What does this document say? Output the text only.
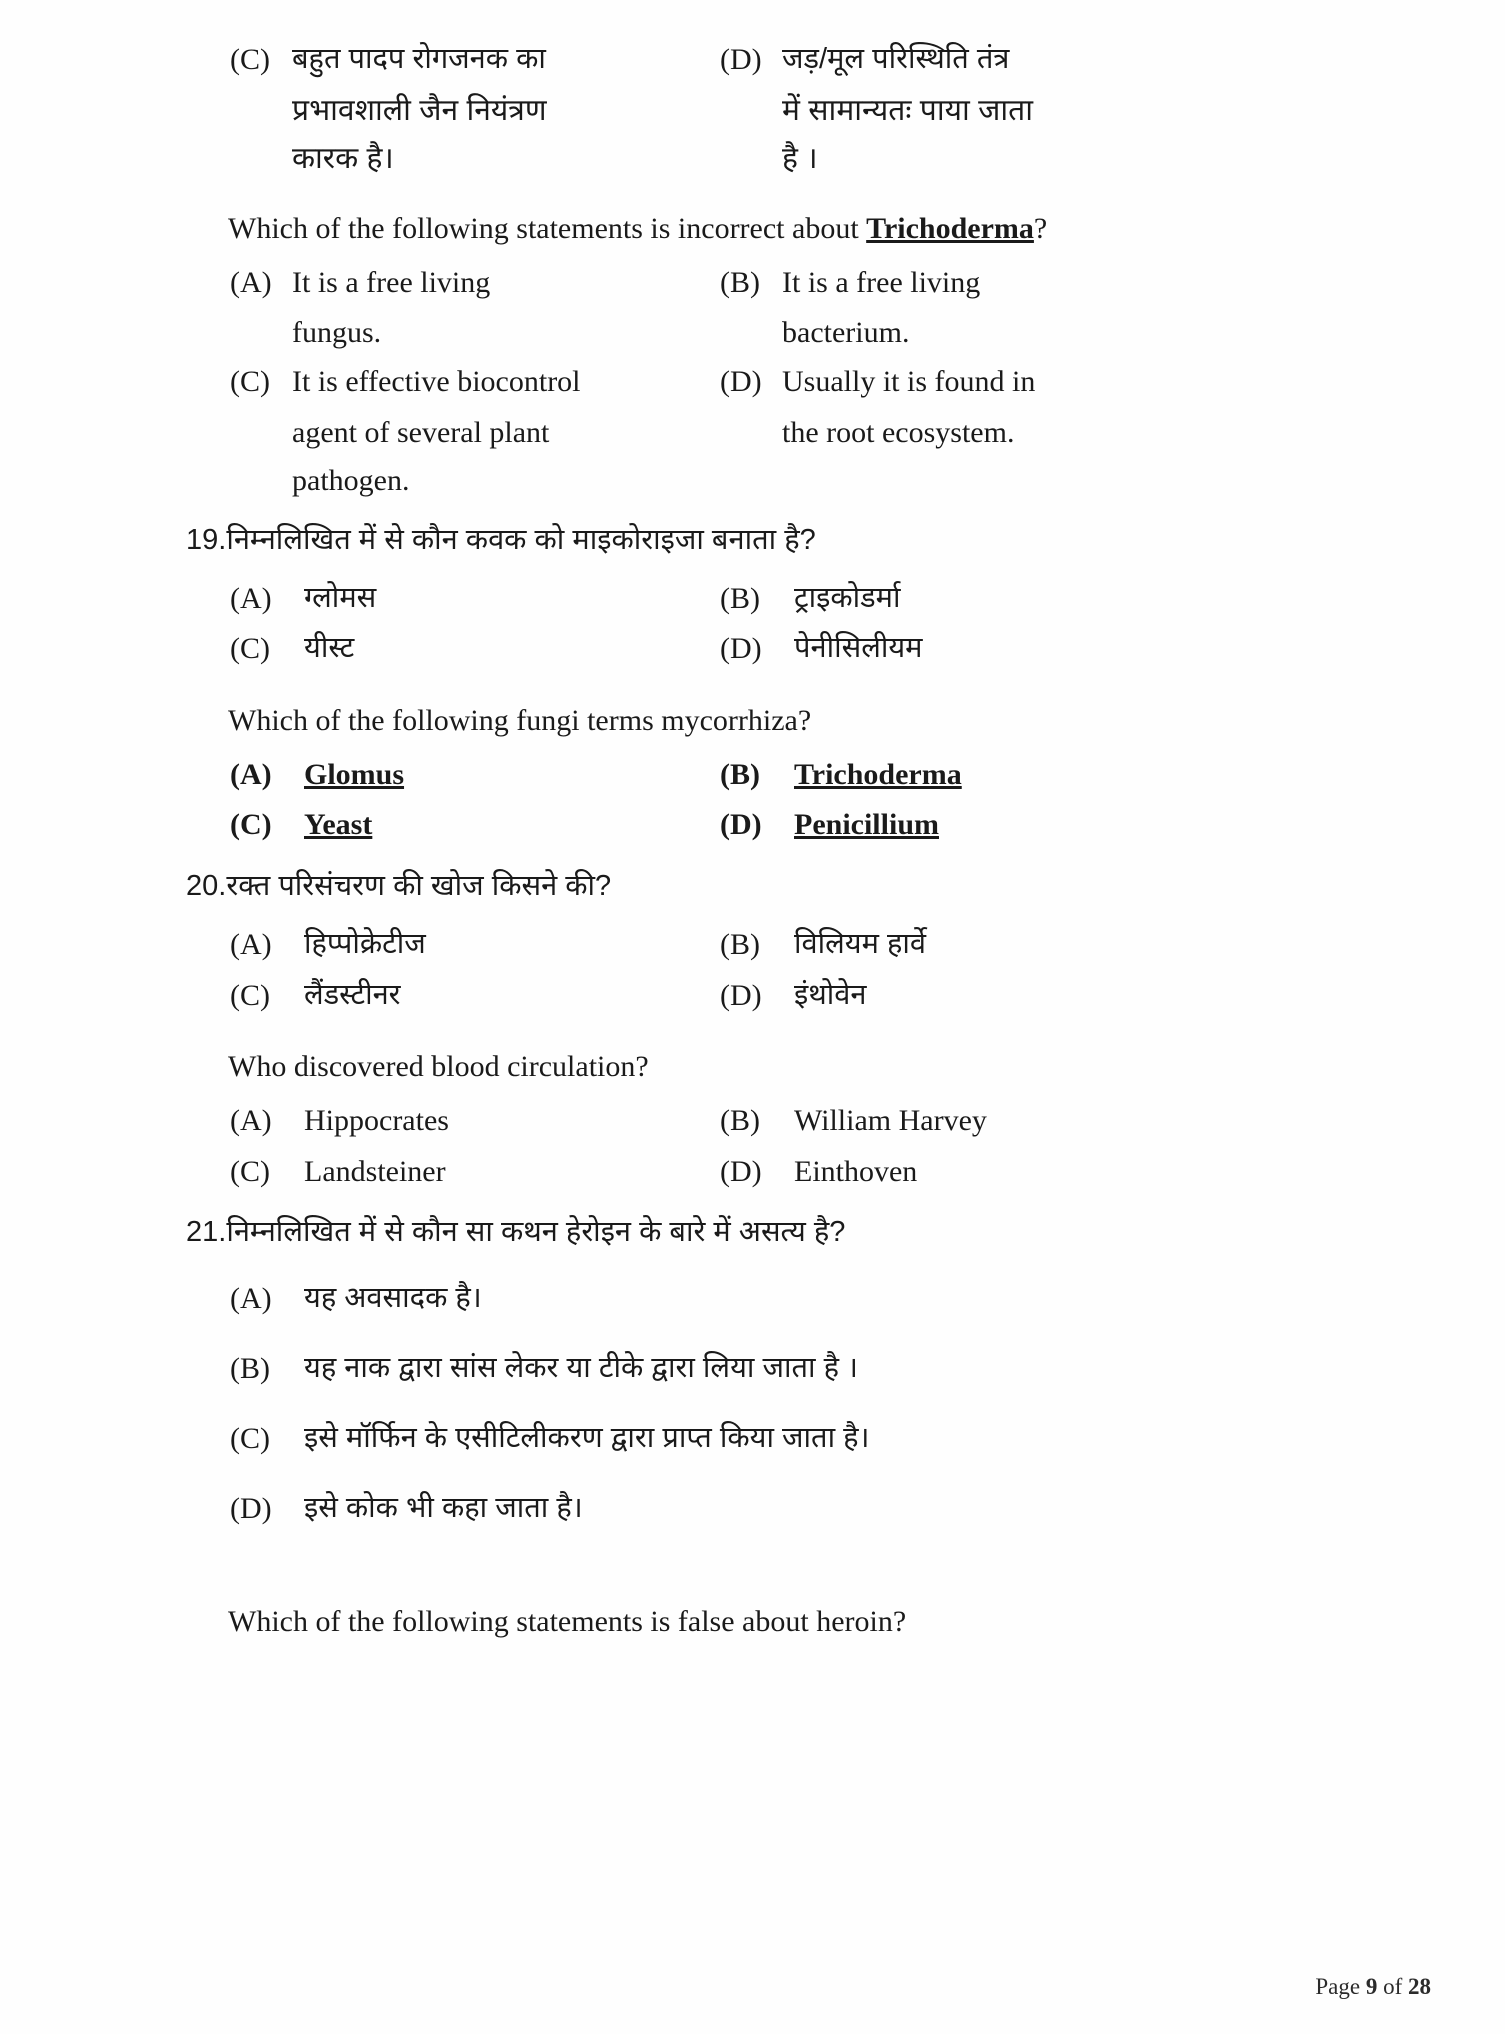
(C) बहुत पादप रोगजनक का
प्रभावशाली जैन नियंत्रण
कारक है।
(D) जड़/मूल परिस्थिति तंत्र
में सामान्यतः पाया जाता
है ।
Which of the following statements is incorrect about Trichoderma?
(A) It is a free living
fungus.
(B) It is a free living
bacterium.
(C) It is effective biocontrol
agent of several plant
pathogen.
(D) Usually it is found in
the root ecosystem.
19. निम्नलिखित में से कौन कवक को माइकोराइजा बनाता है?
(A)	ग्लोमस	(B)	ट्राइकोडर्मा
(C)	यीस्ट	(D)	पेनीसिलीयम
Which of the following fungi terms mycorrhiza?
(A)	Glomus	(B)	Trichoderma
(C)	Yeast	(D)	Penicillium
20. रक्त परिसंचरण की खोज किसने की?
(A)	हिप्पोक्रेटीज	(B)	विलियम हार्वे
(C)	लैंडस्टीनर	(D)	इंथोवेन
Who discovered blood circulation?
(A)	Hippocrates	(B)	William Harvey
(C)	Landsteiner	(D)	Einthoven
21. निम्नलिखित में से कौन सा कथन हेरोइन के बारे में असत्य है?
(A)	यह अवसादक है।
(B)	यह नाक द्वारा सांस लेकर या टीके द्वारा लिया जाता है ।
(C)	इसे मॉर्फिन के एसीटिलीकरण द्वारा प्राप्त किया जाता है।
(D)	इसे कोक भी कहा जाता है।
Which of the following statements is false about heroin?
Page 9 of 28
